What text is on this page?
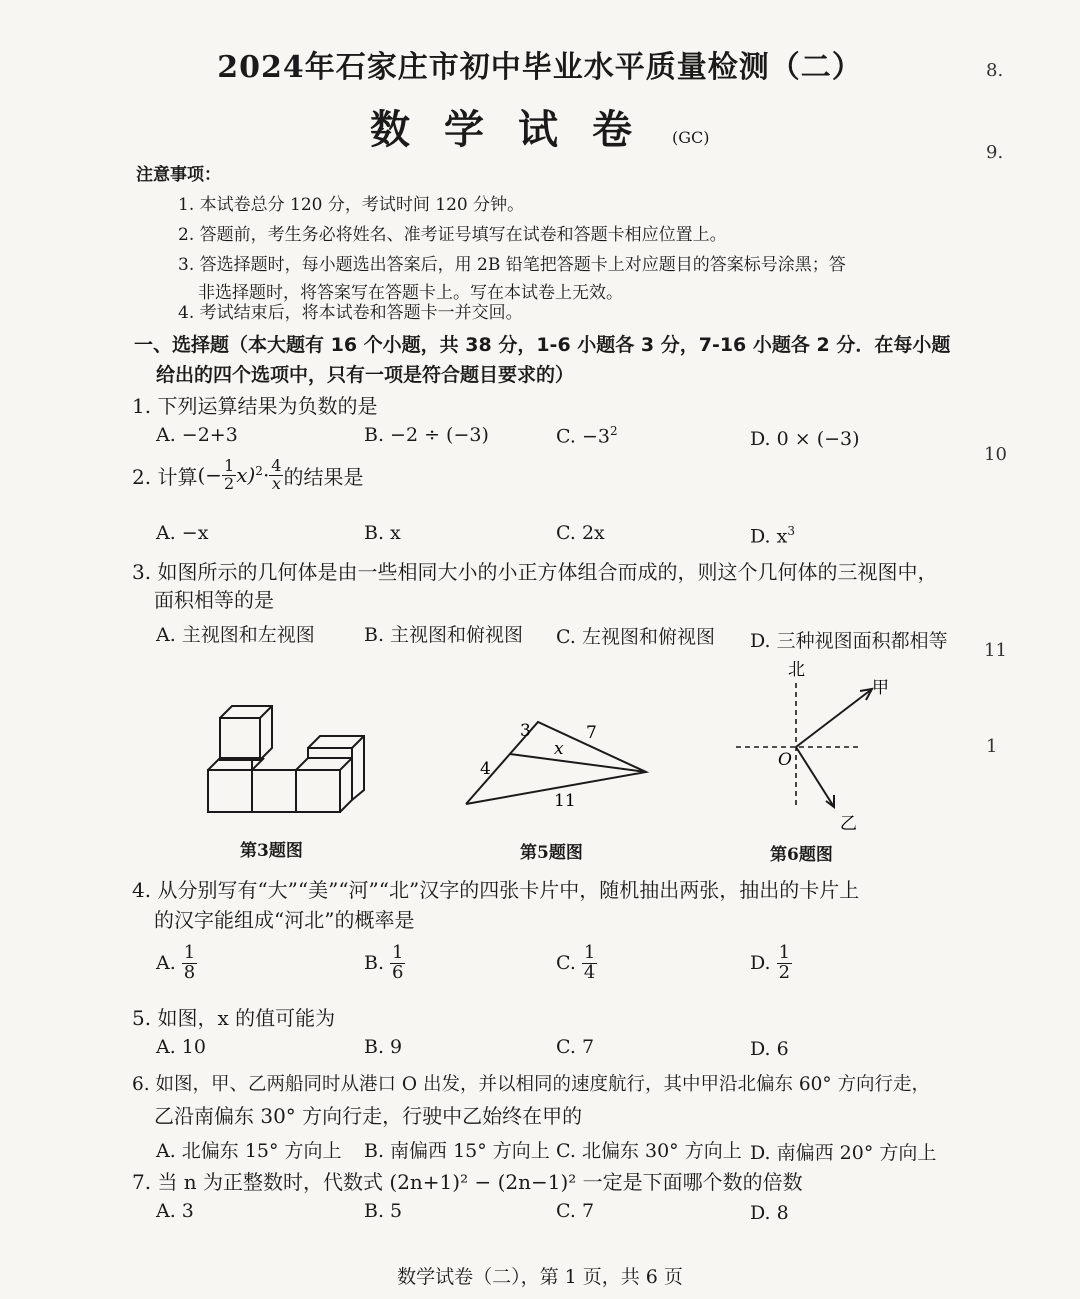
2024年石家庄市初中毕业水平质量检测（二）
数学试卷 (GC)
8.
9.
10
11
1
注意事项：
1. 本试卷总分 120 分，考试时间 120 分钟。
2. 答题前，考生务必将姓名、准考证号填写在试卷和答题卡相应位置上。
3. 答选择题时，每小题选出答案后，用 2B 铅笔把答题卡上对应题目的答案标号涂黑；答
非选择题时，将答案写在答题卡上。写在本试卷上无效。
4. 考试结束后，将本试卷和答题卡一并交回。
一、选择题（本大题有 16 个小题，共 38 分，1-6 小题各 3 分，7-16 小题各 2 分．在每小题
给出的四个选项中，只有一项是符合题目要求的）
1. 下列运算结果为负数的是
A. −2+3	B. −2 ÷ (−3)	C. $-3^2$	D. 0 × (−3)
2. 计算 (− $\frac{1}{2} x)^2 \cdot \frac{4}{x}$ 的结果是
A. −x	B. x	C. 2x	D. $x^3$
3. 如图所示的几何体是由一些相同大小的小正方体组合而成的，则这个几何体的三视图中，
面积相等的是
A. 主视图和左视图	B. 主视图和俯视图 C. 左视图和俯视图 D. 三种视图面积都相等
第3题图
3	7
x
4
11
第5题图
北
甲
O
乙
第6题图
4. 从分别写有“大”“美”“河”“北”汉字的四张卡片中，随机抽出两张，抽出的卡片上
的汉字能组成“河北”的概率是
A. $\frac{1}{8}$	B. $\frac{1}{6}$	C. $\frac{1}{4}$	D. $\frac{1}{2}$
5. 如图，x 的值可能为
A. 10	B. 9	C. 7	D. 6
6. 如图，甲、乙两船同时从港口 O 出发，并以相同的速度航行，其中甲沿北偏东 60° 方向行走，
乙沿南偏东 30° 方向行走，行驶中乙始终在甲的
A. 北偏东 15° 方向上 B. 南偏西 15° 方向上 C. 北偏东 30° 方向上 D. 南偏西 20° 方向上
7. 当 n 为正整数时，代数式 (2n+1)² − (2n−1)² 一定是下面哪个数的倍数
A. 3	B. 5	C. 7	D. 8
数学试卷（二），第 1 页，共 6 页
